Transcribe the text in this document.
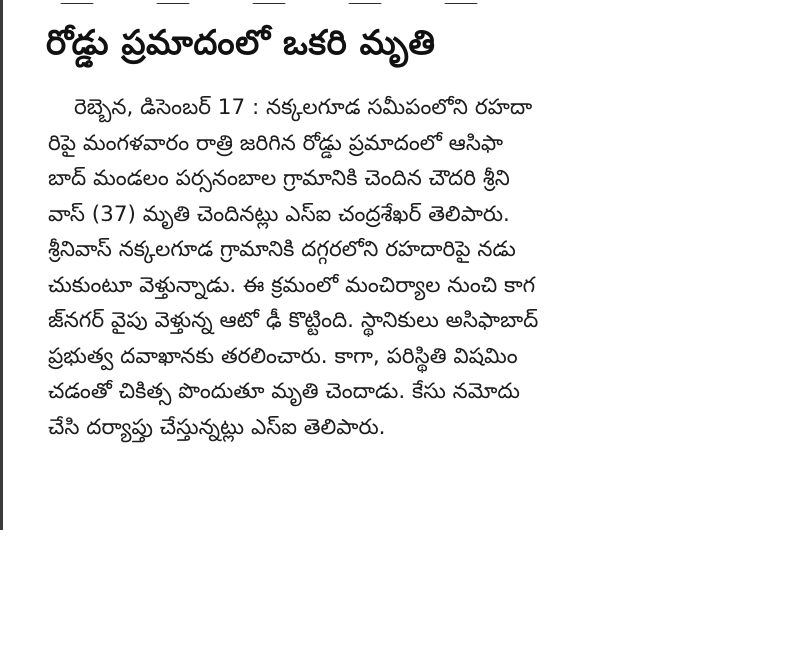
రోడ్డు ప్రమాదంలో ఒకరి మృతి
రెబ్బెన, డిసెంబర్ 17 : నక్కలగూడ సమీపంలోని రహదా
రిపై మంగళవారం రాత్రి జరిగిన రోడ్డు ప్రమాదంలో ఆసిఫా
బాద్ మండలం పర్సనంబాల గ్రామానికి చెందిన చౌదరి శ్రీని
వాస్ (37) మృతి చెందినట్లు ఎస్ఐ చంద్రశేఖర్ తెలిపారు.
శ్రీనివాస్ నక్కలగూడ గ్రామానికి దగ్గరలోని రహదారిపై నడు
చుకుంటూ వెళ్తున్నాడు. ఈ క్రమంలో మంచిర్యాల నుంచి కాగ
జ్‌నగర్ వైపు వెళ్తున్న ఆటో ఢీ కొట్టింది. స్థానికులు అసిఫాబాద్
ప్రభుత్వ దవాఖానకు తరలించారు. కాగా, పరిస్థితి విషమిం
చడంతో చికిత్స పొందుతూ మృతి చెందాడు. కేసు నమోదు
చేసి దర్యాప్తు చేస్తున్నట్లు ఎస్ఐ తెలిపారు.
